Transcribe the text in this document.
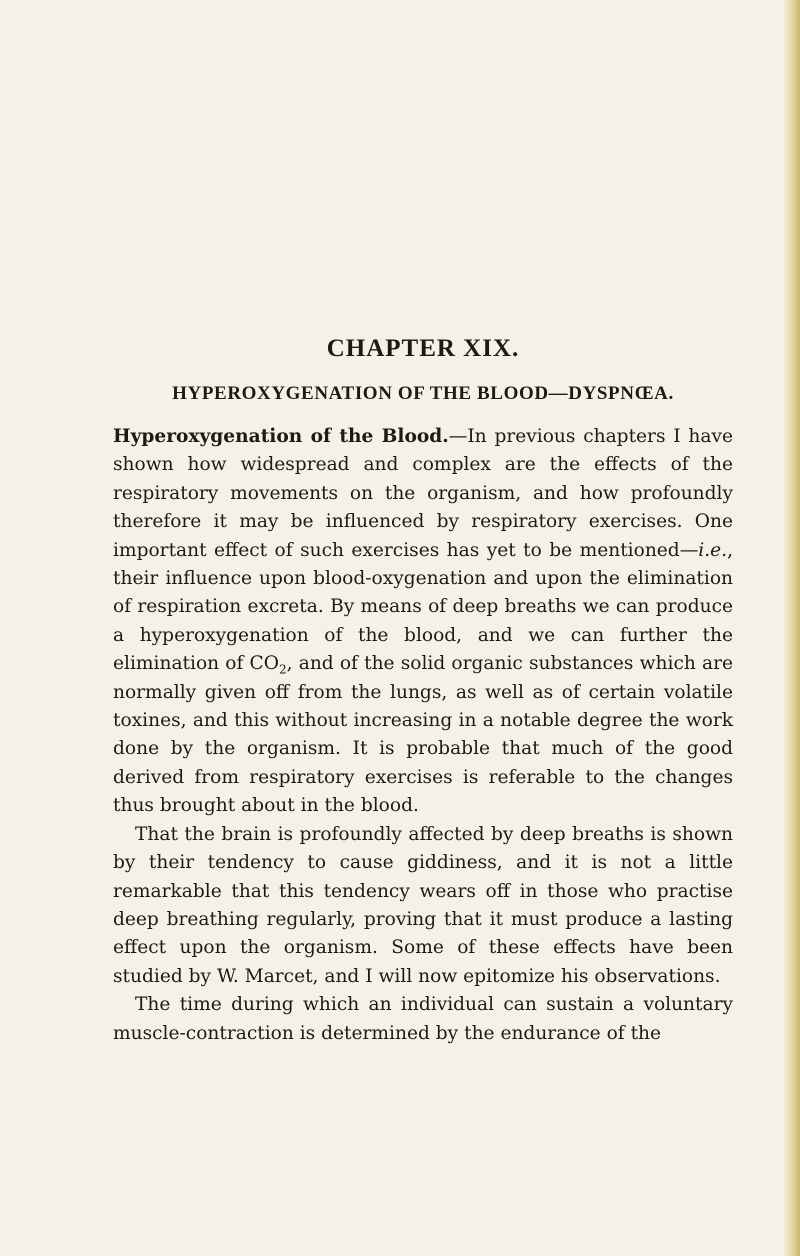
CHAPTER XIX.
HYPEROXYGENATION OF THE BLOOD—DYSPNŒA.

Hyperoxygenation of the Blood.—In previous chapters I have shown how widespread and complex are the effects of the respiratory movements on the organism, and how profoundly therefore it may be influenced by respiratory exercises. One important effect of such exercises has yet to be mentioned—i.e., their influence upon blood-oxygenation and upon the elimination of respiration excreta. By means of deep breaths we can produce a hyperoxygenation of the blood, and we can further the elimination of $CO_2$, and of the solid organic substances which are normally given off from the lungs, as well as of certain volatile toxines, and this without increasing in a notable degree the work done by the organism. It is probable that much of the good derived from respiratory exercises is referable to the changes thus brought about in the blood.

That the brain is profoundly affected by deep breaths is shown by their tendency to cause giddiness, and it is not a little remarkable that this tendency wears off in those who practise deep breathing regularly, proving that it must produce a lasting effect upon the organism. Some of these effects have been studied by W. Marcet, and I will now epitomize his observations.

The time during which an individual can sustain a voluntary muscle-contraction is determined by the endurance of the
